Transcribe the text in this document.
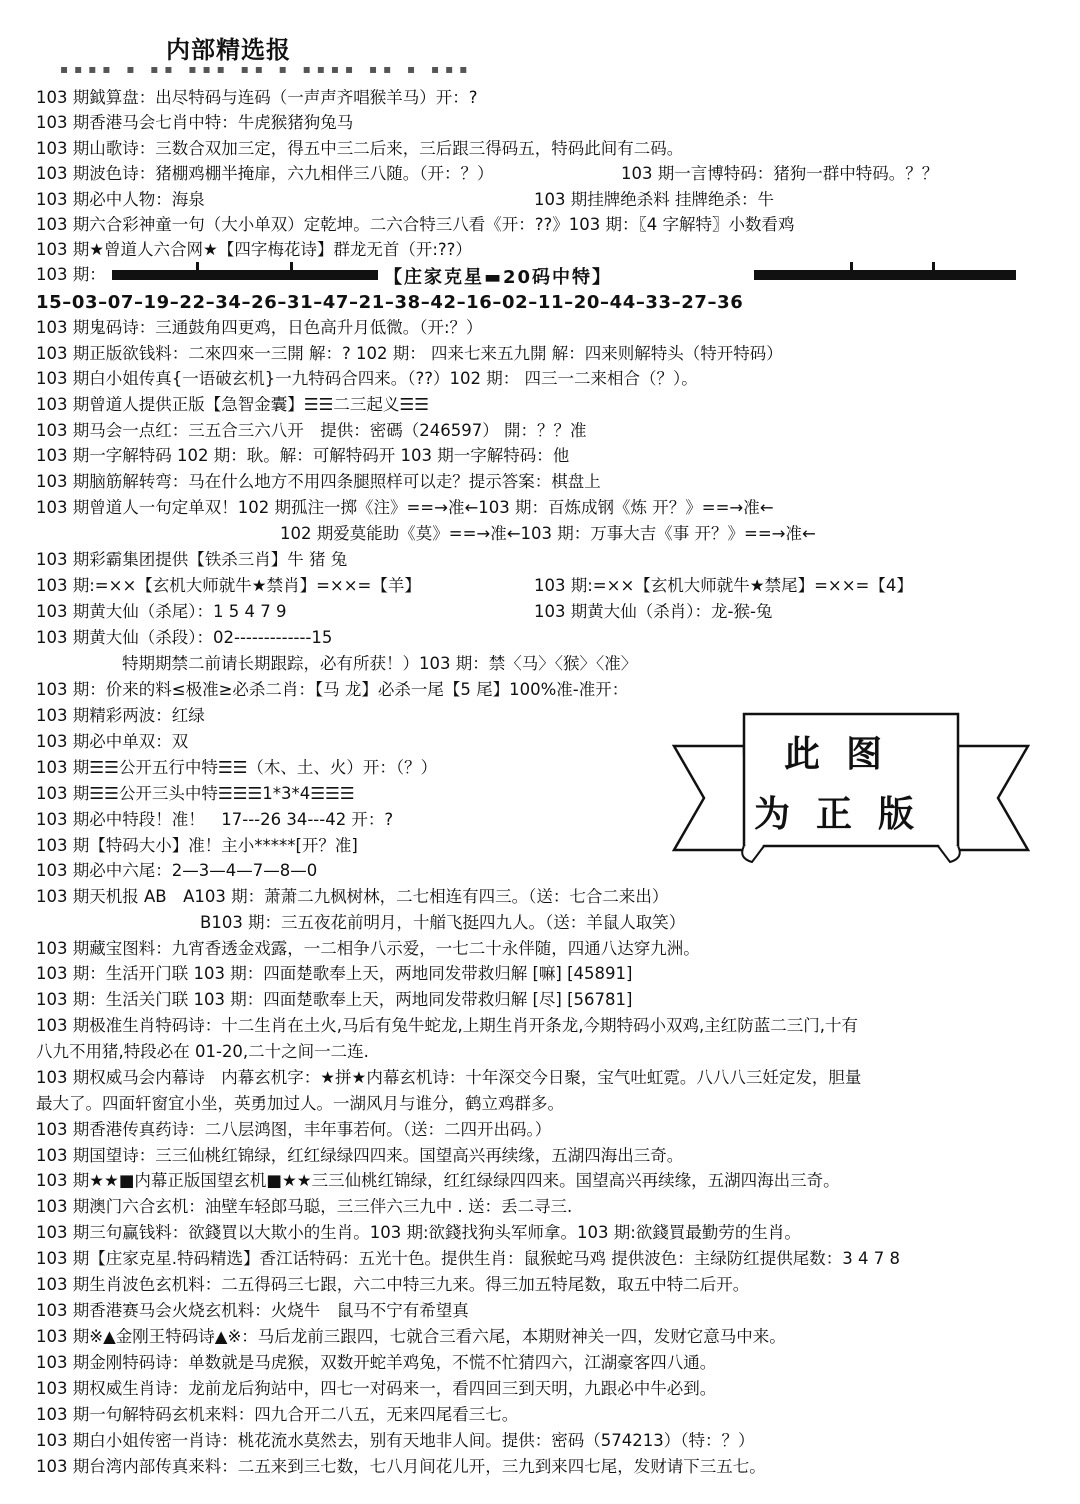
内部精选报
▪▪▪▪ ▪ ▪▪ ▪▪▪ ▪▪ ▪ ▪▪▪▪ ▪▪ ▪ ▪▪▪
103 期鉞算盘：出尽特码与连码（一声声齐唱猴羊马）开：?
103 期香港马会七肖中特：牛虎猴猪狗兔马
103 期山歌诗：三数合双加三定，得五中三二后来，三后跟三得码五，特码此间有二码。
103 期波色诗：猪棚鸡棚半掩扉，六九相伴三八随。（开：？）	103 期一言博特码：猪狗一群中特码。？？
103 期必中人物：海泉	103 期挂牌绝杀料 挂牌绝杀：牛
103 期六合彩神童一句（大小单双）定乾坤。二六合特三八看《开：??》103 期：〖4 字解特〗小数看鸡
103 期★曾道人六合网★【四字梅花诗】群龙无首（开:??）
103 期：	【庄家克星▬20码中特】
15–03–07–19–22–34–26–31–47–21–38–42–16–02–11–20–44–33–27–36
103 期鬼码诗：三通鼓角四更鸡，日色高升月低微。（开:？）
103 期正版欲钱料：二來四來一三開 解：? 102 期： 四来七来五九開 解：四来则解特头（特开特码）
103 期白小姐传真{一语破玄机}一九特码合四来。（??）102 期： 四三一二来相合（？）。
103 期曾道人提供正版【急智金囊】☰☰二三起义☰☰
103 期马会一点红：三五合三六八开　提供：密碼（246597） 開：？？准
103 期一字解特码 102 期：耿。解：可解特码开 103 期一字解特码：他
103 期脑筋解转弯：马在什么地方不用四条腿照样可以走？提示答案：棋盘上
103 期曾道人一句定单双！102 期孤注一掷《注》==→准←103 期：百炼成钢《炼 开？》==→准←
102 期爱莫能助《莫》==→准←103 期：万事大吉《事 开？》==→准←
103 期彩霸集团提供【铁杀三肖】牛 猪 兔
103 期:=××【玄机大师就牛★禁肖】=××=【羊】	103 期:=××【玄机大师就牛★禁尾】=××=【4】
103 期黄大仙（杀尾）：1 5 4 7 9	103 期黄大仙（杀肖）：龙-猴-兔
103 期黄大仙（杀段）：02-------------15
特期期禁二前请长期跟踪，必有所获！）103 期：禁〈马〉〈猴〉〈准〉
103 期：价来的料≤极准≥必杀二肖：【马 龙】必杀一尾【5 尾】100%准-准开：
103 期精彩两波：红绿
103 期必中单双：双
103 期☰☰公开五行中特☰☰（木、土、火）开：（？）
103 期☰☰公开三头中特☰☰☰1*3*4☰☰☰
103 期必中特段！准！　17---26 34---42 开：?
103 期【特码大小】准！主小*****[开？准]
103 期必中六尾：2—3—4—7—8—0
103 期天机报 AB　A103 期：萧萧二九枫树林，二七相连有四三。（送：七合二来出）
B103 期：三五夜花前明月，十艏飞挺四九人。（送：羊鼠人取笑）
103 期藏宝图料：九宵香透金戏露，一二相争八示爱，一七二十永伴随，四通八达穿九洲。
103 期：生活开门联 103 期：四面楚歌奉上天，两地同发带救归解 [嘛] [45891]
103 期：生活关门联 103 期：四面楚歌奉上天，两地同发带救归解 [尽] [56781]
103 期极准生肖特码诗：十二生肖在土火,马后有兔牛蛇龙,上期生肖开条龙,今期特码小双鸡,主红防蓝二三门,十有
八九不用猪,特段必在 01-20,二十之间一二连.
103 期权威马会内幕诗　内幕玄机字：★拼★内幕玄机诗：十年深交今日聚，宝气吐虹霓。八八八三妊定发，胆量
最大了。四面轩窗宜小坐，英勇加过人。一湖风月与谁分，鹤立鸡群多。
103 期香港传真药诗：二八层鸿图，丰年事若何。（送：二四开出码。）
103 期国望诗：三三仙桃红锦绿，红红绿绿四四来。国望高兴再续缘，五湖四海出三奇。
103 期★★■内幕正版国望玄机■★★三三仙桃红锦绿，红红绿绿四四来。国望高兴再续缘，五湖四海出三奇。
103 期澳门六合玄机：油壁车轻郎马聪，三三伴六三九中 . 送：丢二寻三.
103 期三句赢钱料：欲錢買以大欺小的生肖。103 期:欲錢找狗头军师拿。103 期:欲錢買最勤劳的生肖。
103 期【庄家克星.特码精选】香江话特码：五光十色。提供生肖：鼠猴蛇马鸡 提供波色：主绿防红提供尾数：3 4 7 8
103 期生肖波色玄机料：二五得码三七跟，六二中特三九来。得三加五特尾数，取五中特二后开。
103 期香港赛马会火烧玄机料：火烧牛　鼠马不宁有希望真
103 期※▲金刚王特码诗▲※：马后龙前三跟四，七就合三看六尾，本期财神关一四，发财它意马中来。
103 期金刚特码诗：单数就是马虎猴，双数开蛇羊鸡兔，不慌不忙猜四六，江湖豪客四八通。
103 期权威生肖诗：龙前龙后狗站中，四七一对码来一，看四回三到天明，九跟必中牛必到。
103 期一句解特码玄机来料：四九合开二八五，无来四尾看三七。
103 期白小姐传密一肖诗：桃花流水莫然去，别有天地非人间。提供：密码（574213）（特：？）
103 期台湾内部传真来料：二五来到三七数，七八月间花儿开，三九到来四七尾，发财请下三五七。
此图
为正版
